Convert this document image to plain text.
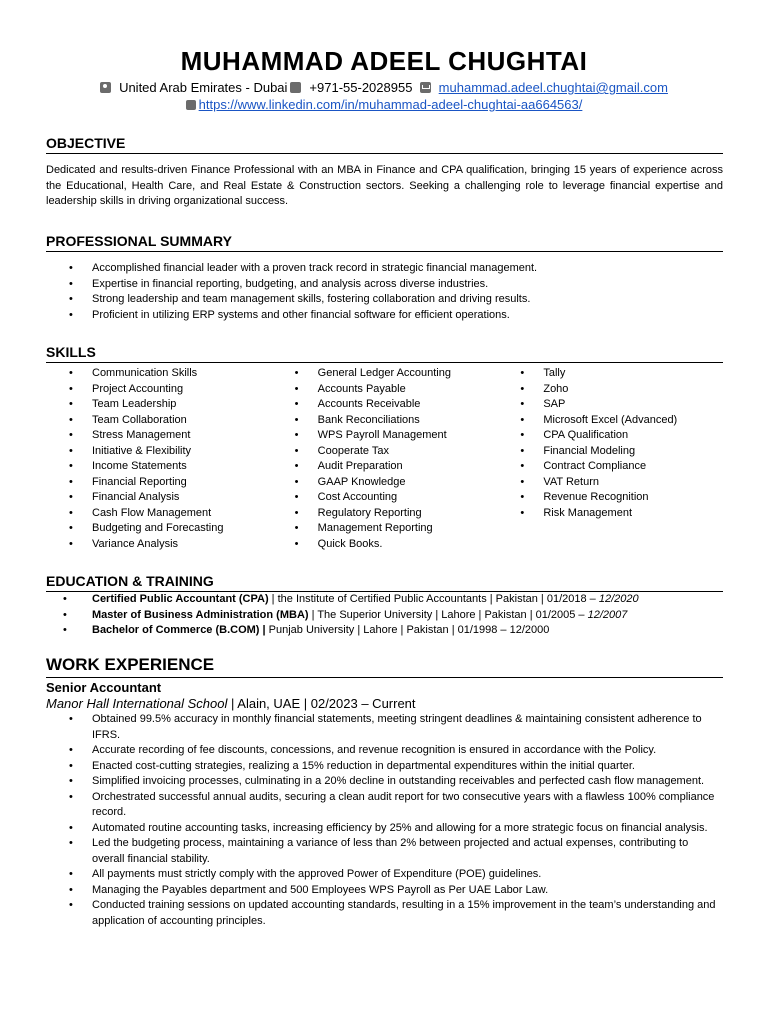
MUHAMMAD ADEEL CHUGHTAI
United Arab Emirates - Dubai +971-55-2028955 muhammad.adeel.chughtai@gmail.com
https://www.linkedin.com/in/muhammad-adeel-chughtai-aa664563/
OBJECTIVE
Dedicated and results-driven Finance Professional with an MBA in Finance and CPA qualification, bringing 15 years of experience across the Educational, Health Care, and Real Estate & Construction sectors. Seeking a challenging role to leverage financial expertise and leadership skills in driving organizational success.
PROFESSIONAL SUMMARY
• Accomplished financial leader with a proven track record in strategic financial management.
• Expertise in financial reporting, budgeting, and analysis across diverse industries.
• Strong leadership and team management skills, fostering collaboration and driving results.
• Proficient in utilizing ERP systems and other financial software for efficient operations.
SKILLS
• Communication Skills
• Project Accounting
• Team Leadership
• Team Collaboration
• Stress Management
• Initiative & Flexibility
• Income Statements
• Financial Reporting
• Financial Analysis
• Cash Flow Management
• Budgeting and Forecasting
• Variance Analysis
• General Ledger Accounting
• Accounts Payable
• Accounts Receivable
• Bank Reconciliations
• WPS Payroll Management
• Cooperate Tax
• Audit Preparation
• GAAP Knowledge
• Cost Accounting
• Regulatory Reporting
• Management Reporting
• Quick Books.
• Tally
• Zoho
• SAP
• Microsoft Excel (Advanced)
• CPA Qualification
• Financial Modeling
• Contract Compliance
• VAT Return
• Revenue Recognition
• Risk Management
EDUCATION & TRAINING
• Certified Public Accountant (CPA) | the Institute of Certified Public Accountants | Pakistan | 01/2018 – 12/2020
• Master of Business Administration (MBA) | The Superior University | Lahore | Pakistan | 01/2005 – 12/2007
• Bachelor of Commerce (B.COM) | Punjab University | Lahore | Pakistan | 01/1998 – 12/2000
WORK EXPERIENCE
Senior Accountant
Manor Hall International School | Alain, UAE | 02/2023 – Current
• Obtained 99.5% accuracy in monthly financial statements, meeting stringent deadlines & maintaining consistent adherence to IFRS.
• Accurate recording of fee discounts, concessions, and revenue recognition is ensured in accordance with the Policy.
• Enacted cost-cutting strategies, realizing a 15% reduction in departmental expenditures within the initial quarter.
• Simplified invoicing processes, culminating in a 20% decline in outstanding receivables and perfected cash flow management.
• Orchestrated successful annual audits, securing a clean audit report for two consecutive years with a flawless 100% compliance record.
• Automated routine accounting tasks, increasing efficiency by 25% and allowing for a more strategic focus on financial analysis.
• Led the budgeting process, maintaining a variance of less than 2% between projected and actual expenses, contributing to overall financial stability.
• All payments must strictly comply with the approved Power of Expenditure (POE) guidelines.
• Managing the Payables department and 500 Employees WPS Payroll as Per UAE Labor Law.
• Conducted training sessions on updated accounting standards, resulting in a 15% improvement in the team’s understanding and application of accounting principles.
